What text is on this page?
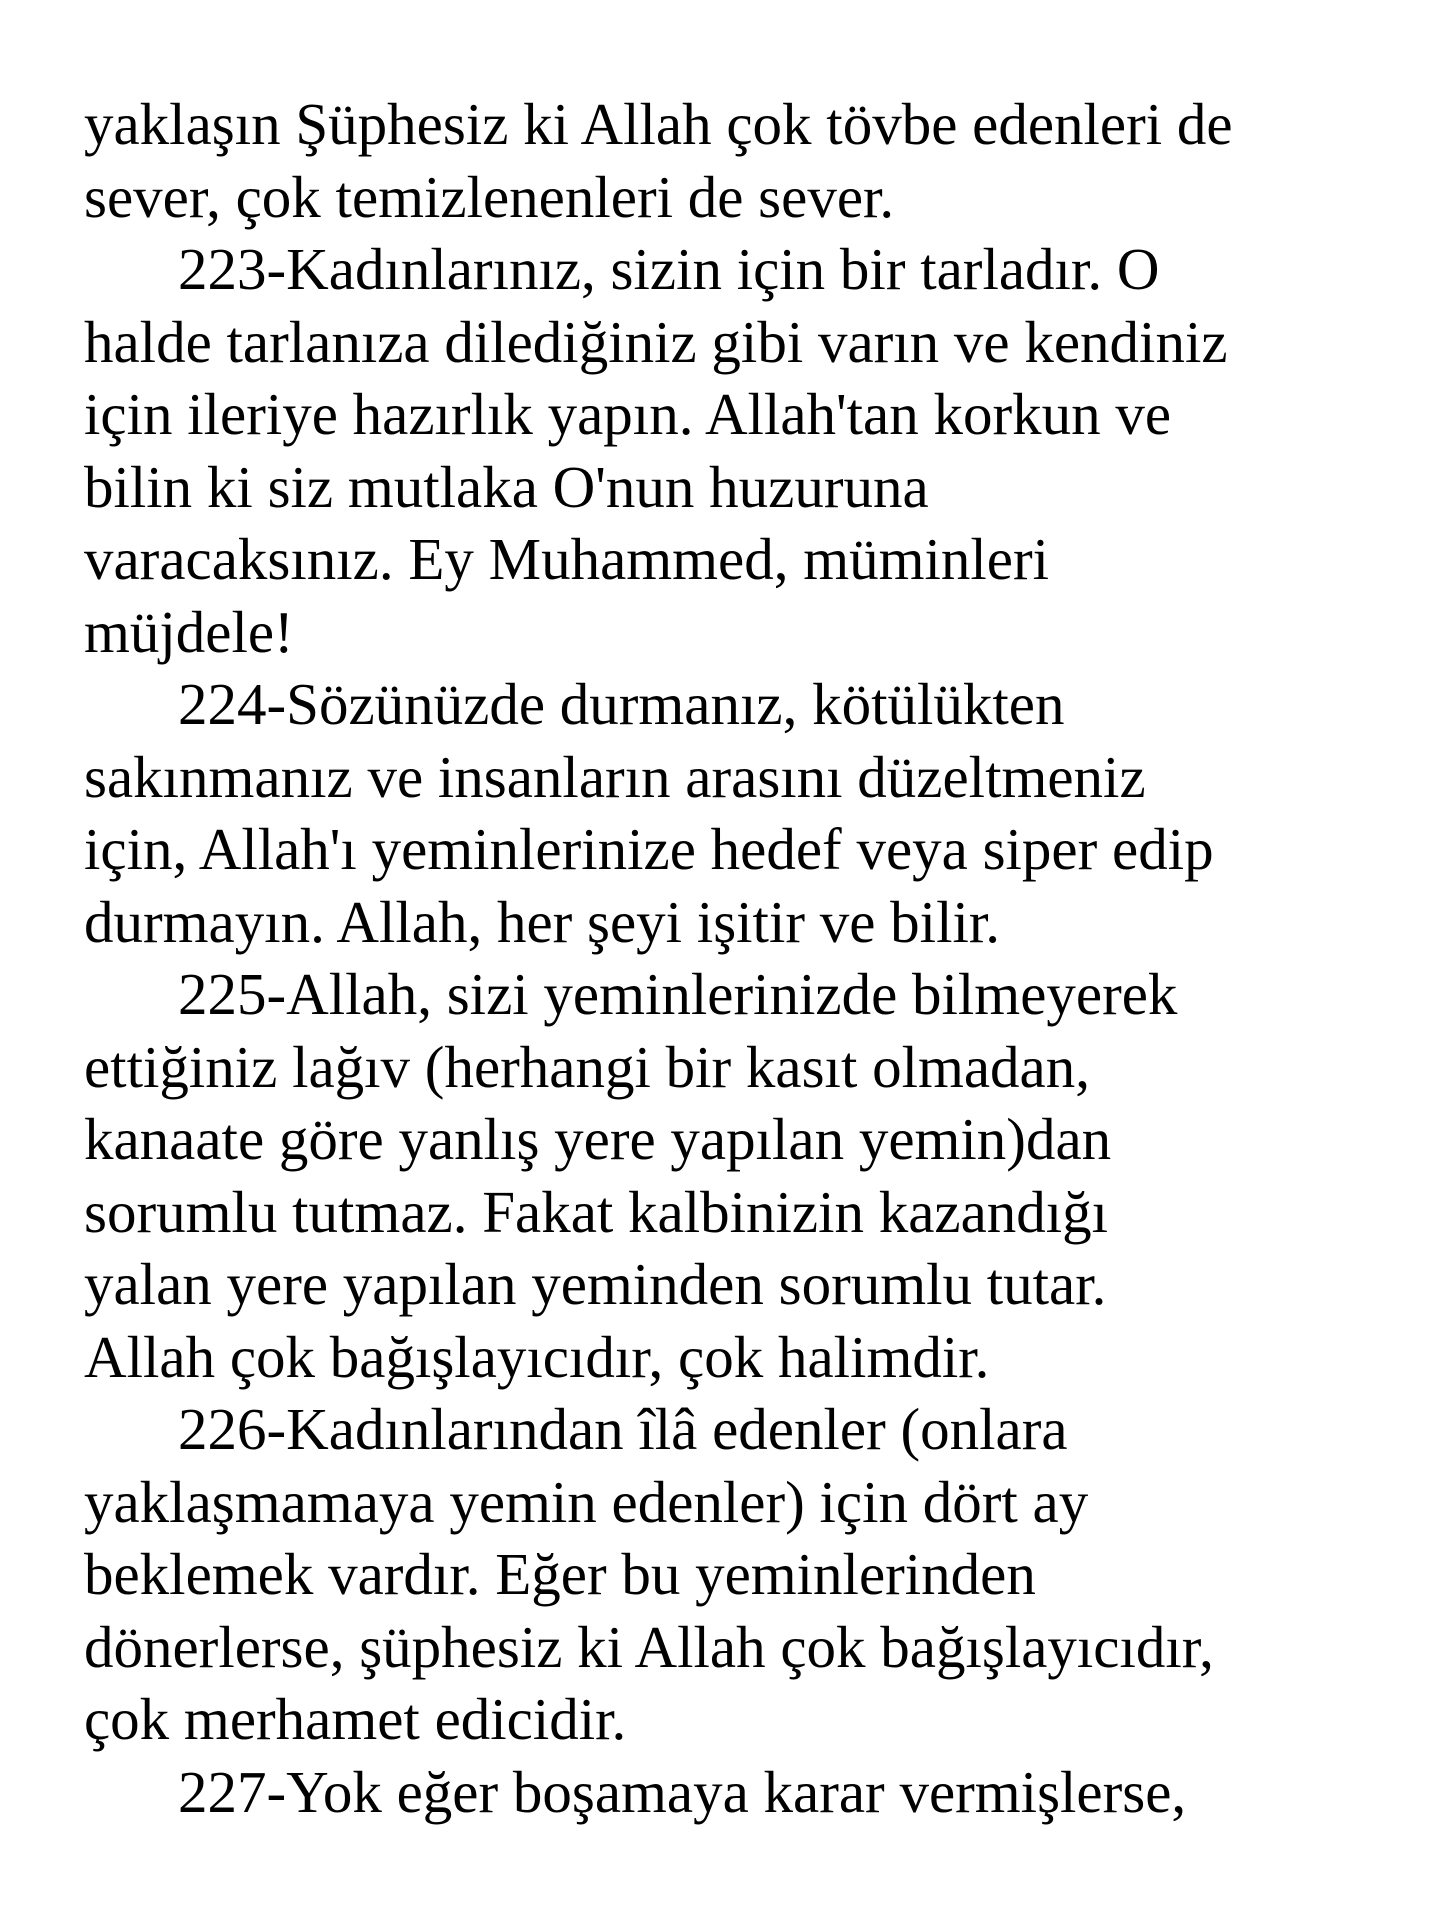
yaklaşın Şüphesiz ki Allah çok tövbe edenleri de
sever, çok temizlenenleri de sever.
223-Kadınlarınız, sizin için bir tarladır. O
halde tarlanıza dilediğiniz gibi varın ve kendiniz
için ileriye hazırlık yapın. Allah'tan korkun ve
bilin ki siz mutlaka O'nun huzuruna
varacaksınız. Ey Muhammed, müminleri
müjdele!
224-Sözünüzde durmanız, kötülükten
sakınmanız ve insanların arasını düzeltmeniz
için, Allah'ı yeminlerinize hedef veya siper edip
durmayın. Allah, her şeyi işitir ve bilir.
225-Allah, sizi yeminlerinizde bilmeyerek
ettiğiniz lağıv (herhangi bir kasıt olmadan,
kanaate göre yanlış yere yapılan yemin)dan
sorumlu tutmaz. Fakat kalbinizin kazandığı
yalan yere yapılan yeminden sorumlu tutar.
Allah çok bağışlayıcıdır, çok halimdir.
226-Kadınlarından îlâ edenler (onlara
yaklaşmamaya yemin edenler) için dört ay
beklemek vardır. Eğer bu yeminlerinden
dönerlerse, şüphesiz ki Allah çok bağışlayıcıdır,
çok merhamet edicidir.
227-Yok eğer boşamaya karar vermişlerse,
